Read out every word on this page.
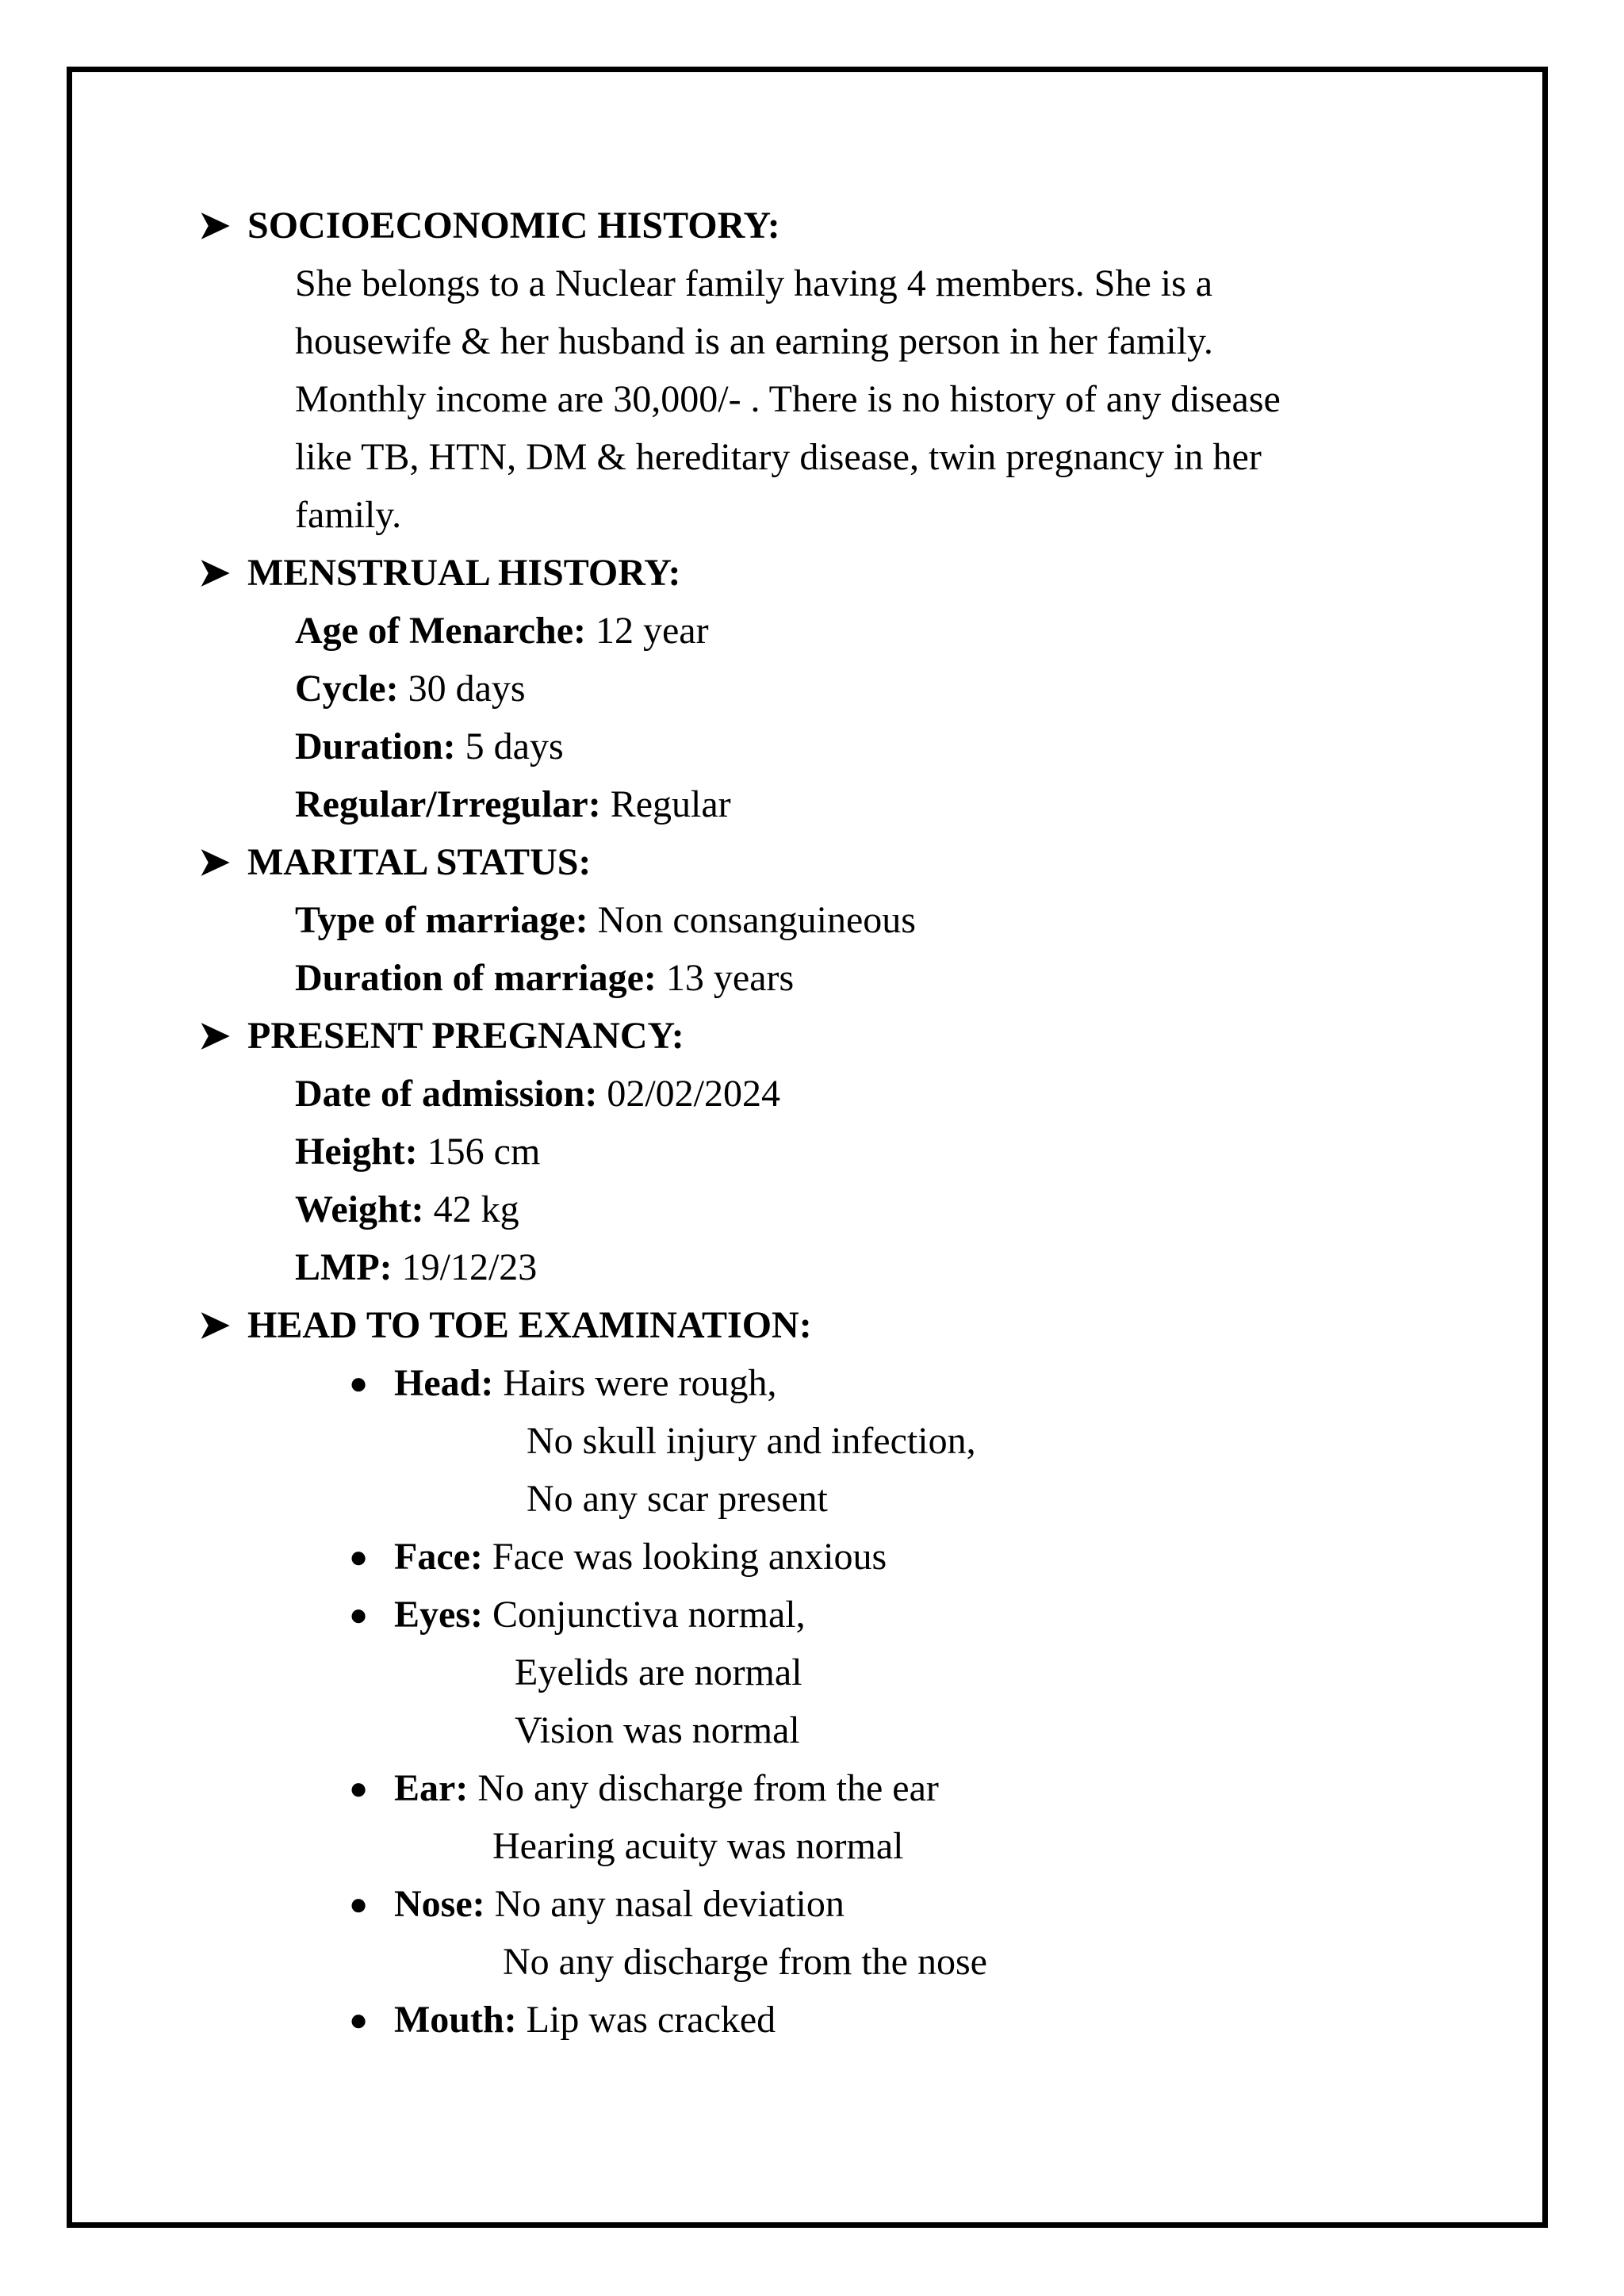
➤ SOCIOECONOMIC HISTORY:
She belongs to a Nuclear family having 4 members. She is a
housewife & her husband is an earning person in her family.
Monthly income are 30,000/- . There is no history of any disease
like TB, HTN, DM & hereditary disease, twin pregnancy in her
family.
➤ MENSTRUAL HISTORY:
Age of Menarche: 12 year
Cycle: 30 days
Duration: 5 days
Regular/Irregular: Regular
➤ MARITAL STATUS:
Type of marriage: Non consanguineous
Duration of marriage: 13 years
➤ PRESENT PREGNANCY:
Date of admission: 02/02/2024
Height: 156 cm
Weight: 42 kg
LMP: 19/12/23
➤ HEAD TO TOE EXAMINATION:
● Head: Hairs were rough,
No skull injury and infection,
No any scar present
● Face: Face was looking anxious
● Eyes: Conjunctiva normal,
Eyelids are normal
Vision was normal
● Ear: No any discharge from the ear
Hearing acuity was normal
● Nose: No any nasal deviation
No any discharge from the nose
● Mouth: Lip was cracked
